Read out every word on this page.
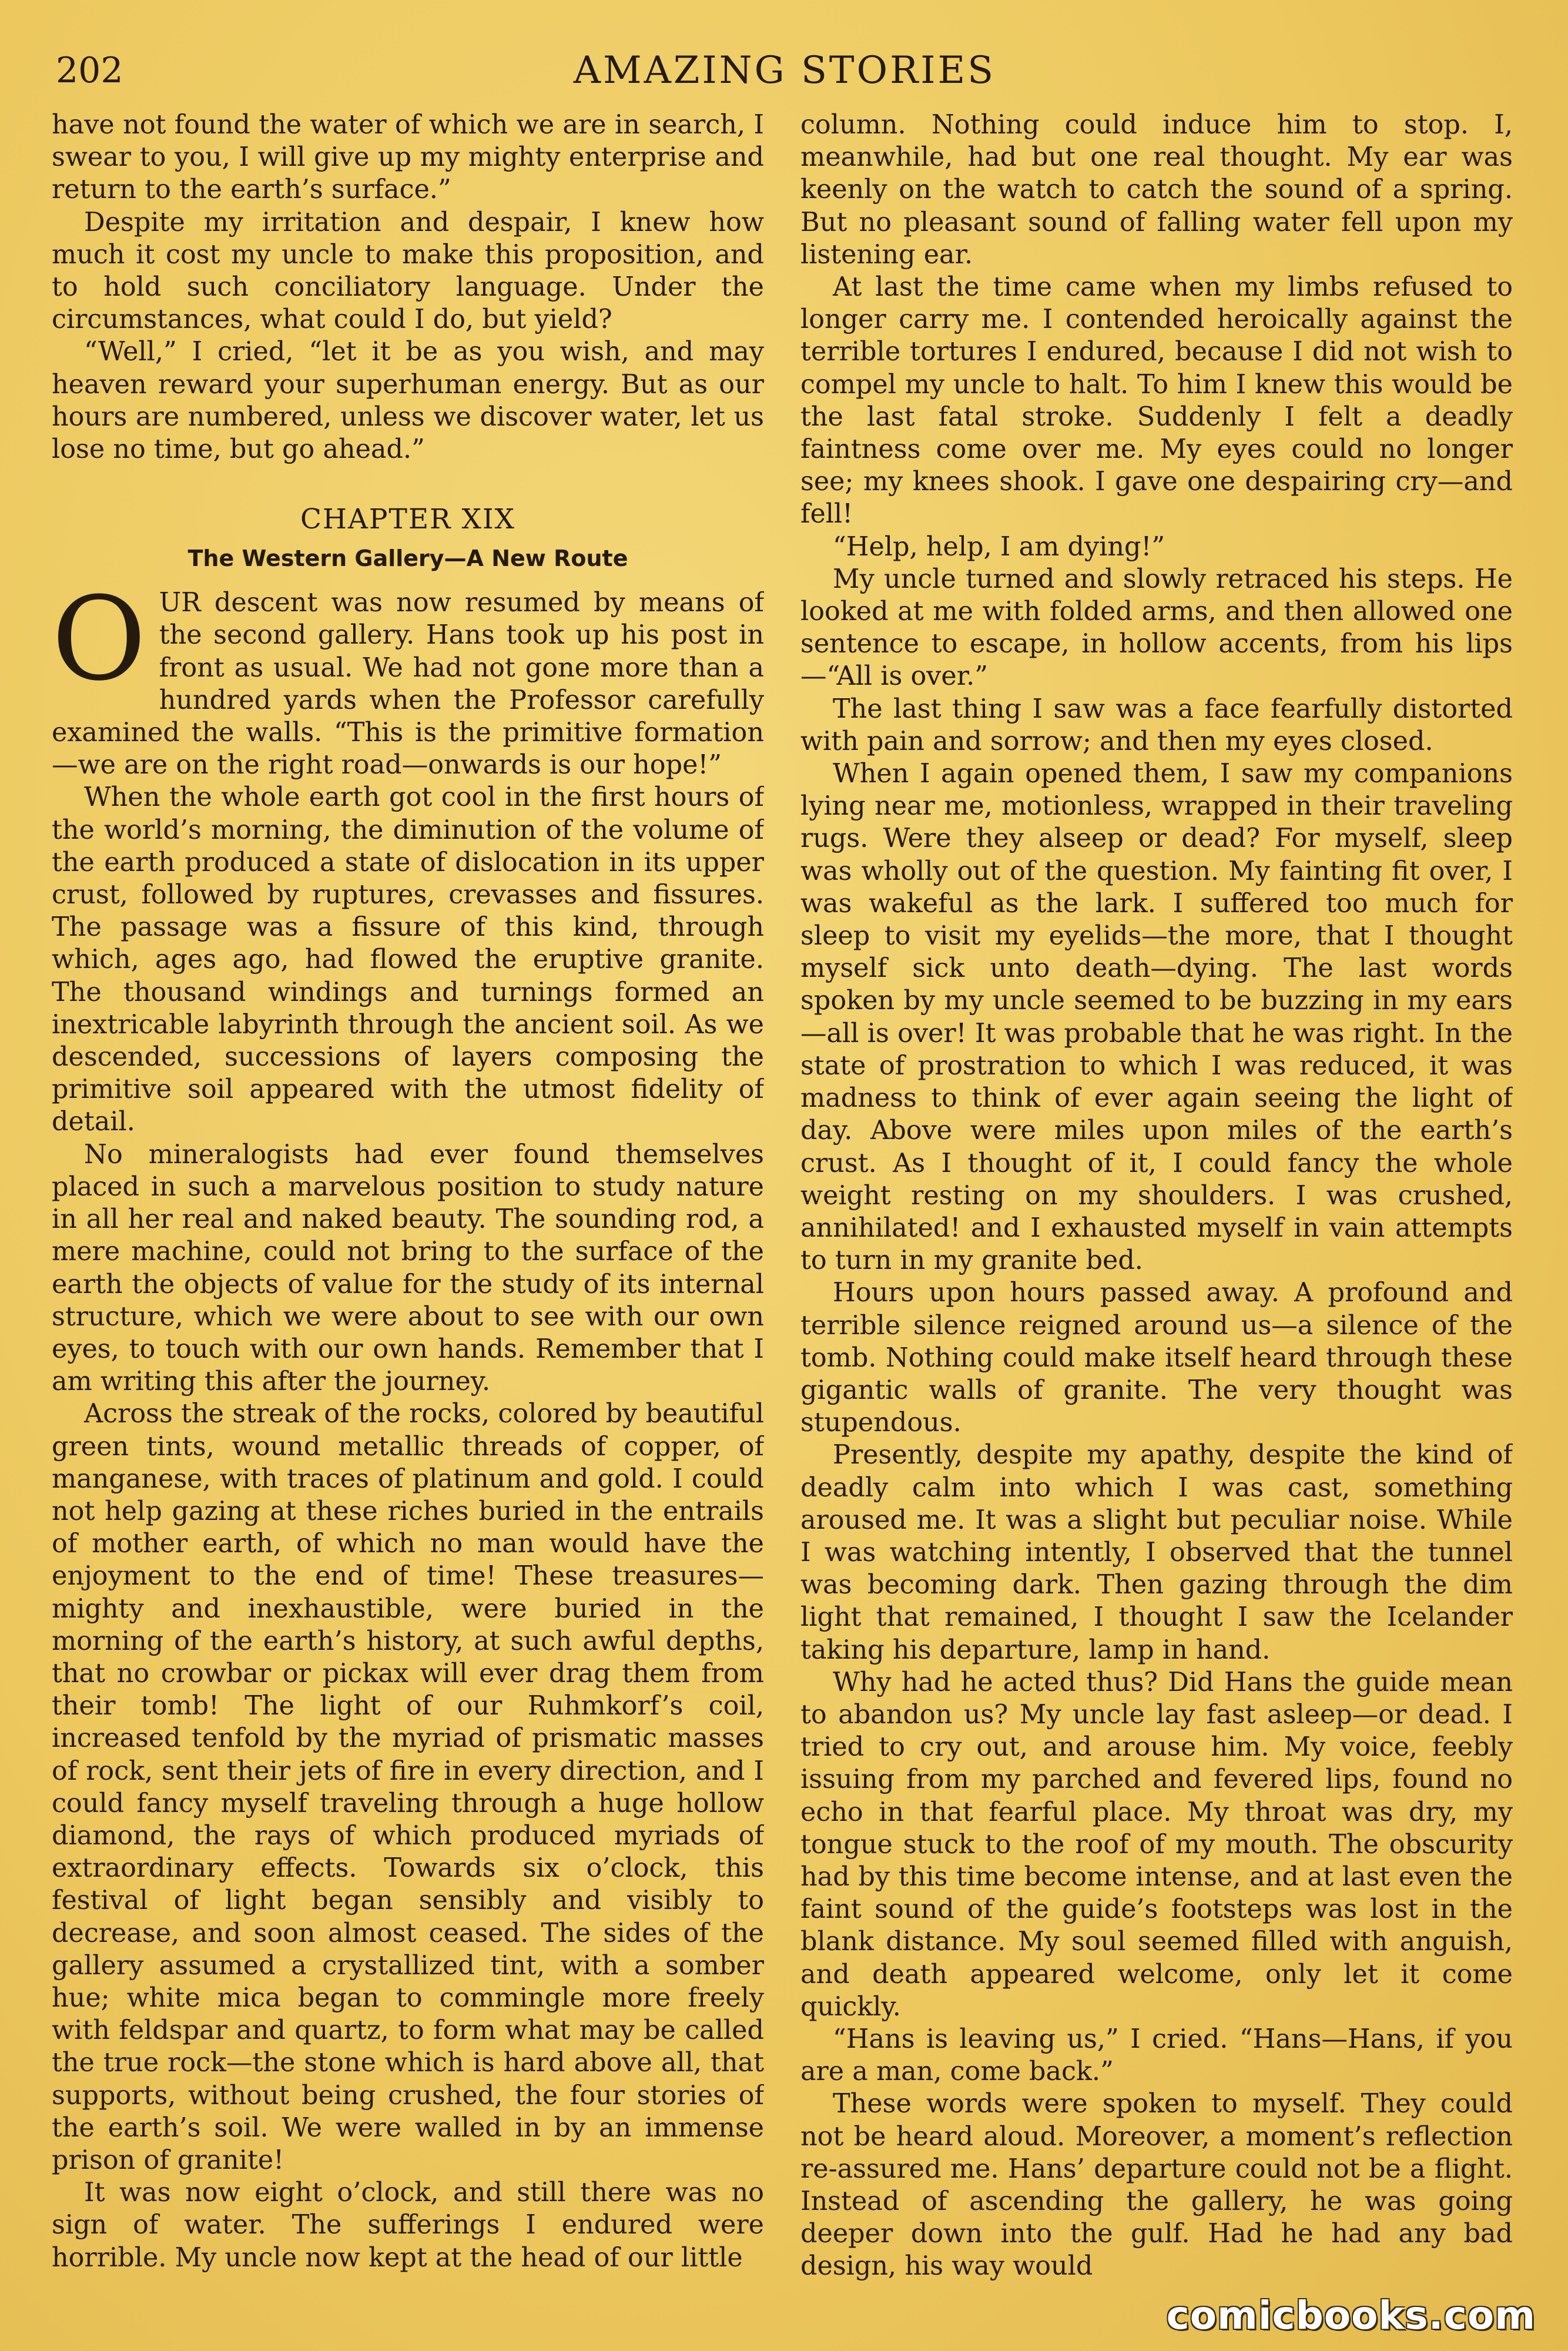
202	AMAZING STORIES

have not found the water of which we are in search, I swear to you, I will give up my mighty enterprise and return to the earth’s surface.”

Despite my irritation and despair, I knew how much it cost my uncle to make this proposition, and to hold such conciliatory language. Under the circumstances, what could I do, but yield?

“Well,” I cried, “let it be as you wish, and may heaven reward your superhuman energy. But as our hours are numbered, unless we discover water, let us lose no time, but go ahead.”

CHAPTER XIX
The Western Gallery—A New Route

OUR descent was now resumed by means of the second gallery. Hans took up his post in front as usual. We had not gone more than a hundred yards when the Professor carefully examined the walls. “This is the primitive formation—we are on the right road—onwards is our hope!”

When the whole earth got cool in the first hours of the world’s morning, the diminution of the volume of the earth produced a state of dislocation in its upper crust, followed by ruptures, crevasses and fissures. The passage was a fissure of this kind, through which, ages ago, had flowed the eruptive granite. The thousand windings and turnings formed an inextricable labyrinth through the ancient soil. As we descended, successions of layers composing the primitive soil appeared with the utmost fidelity of detail.

No mineralogists had ever found themselves placed in such a marvelous position to study nature in all her real and naked beauty. The sounding rod, a mere machine, could not bring to the surface of the earth the objects of value for the study of its internal structure, which we were about to see with our own eyes, to touch with our own hands. Remember that I am writing this after the journey.

Across the streak of the rocks, colored by beautiful green tints, wound metallic threads of copper, of manganese, with traces of platinum and gold. I could not help gazing at these riches buried in the entrails of mother earth, of which no man would have the enjoyment to the end of time! These treasures—mighty and inexhaustible, were buried in the morning of the earth’s history, at such awful depths, that no crowbar or pickax will ever drag them from their tomb! The light of our Ruhmkorf’s coil, increased tenfold by the myriad of prismatic masses of rock, sent their jets of fire in every direction, and I could fancy myself traveling through a huge hollow diamond, the rays of which produced myriads of extraordinary effects. Towards six o’clock, this festival of light began sensibly and visibly to decrease, and soon almost ceased. The sides of the gallery assumed a crystallized tint, with a somber hue; white mica began to commingle more freely with feldspar and quartz, to form what may be called the true rock—the stone which is hard above all, that supports, without being crushed, the four stories of the earth’s soil. We were walled in by an immense prison of granite!

It was now eight o’clock, and still there was no sign of water. The sufferings I endured were horrible. My uncle now kept at the head of our little

column. Nothing could induce him to stop. I, meanwhile, had but one real thought. My ear was keenly on the watch to catch the sound of a spring. But no pleasant sound of falling water fell upon my listening ear.

At last the time came when my limbs refused to longer carry me. I contended heroically against the terrible tortures I endured, because I did not wish to compel my uncle to halt. To him I knew this would be the last fatal stroke. Suddenly I felt a deadly faintness come over me. My eyes could no longer see; my knees shook. I gave one despairing cry—and fell!

“Help, help, I am dying!”

My uncle turned and slowly retraced his steps. He looked at me with folded arms, and then allowed one sentence to escape, in hollow accents, from his lips—“All is over.”

The last thing I saw was a face fearfully distorted with pain and sorrow; and then my eyes closed.

When I again opened them, I saw my companions lying near me, motionless, wrapped in their traveling rugs. Were they alseep or dead? For myself, sleep was wholly out of the question. My fainting fit over, I was wakeful as the lark. I suffered too much for sleep to visit my eyelids—the more, that I thought myself sick unto death—dying. The last words spoken by my uncle seemed to be buzzing in my ears—all is over! It was probable that he was right. In the state of prostration to which I was reduced, it was madness to think of ever again seeing the light of day. Above were miles upon miles of the earth’s crust. As I thought of it, I could fancy the whole weight resting on my shoulders. I was crushed, annihilated! and I exhausted myself in vain attempts to turn in my granite bed.

Hours upon hours passed away. A profound and terrible silence reigned around us—a silence of the tomb. Nothing could make itself heard through these gigantic walls of granite. The very thought was stupendous.

Presently, despite my apathy, despite the kind of deadly calm into which I was cast, something aroused me. It was a slight but peculiar noise. While I was watching intently, I observed that the tunnel was becoming dark. Then gazing through the dim light that remained, I thought I saw the Icelander taking his departure, lamp in hand.

Why had he acted thus? Did Hans the guide mean to abandon us? My uncle lay fast asleep—or dead. I tried to cry out, and arouse him. My voice, feebly issuing from my parched and fevered lips, found no echo in that fearful place. My throat was dry, my tongue stuck to the roof of my mouth. The obscurity had by this time become intense, and at last even the faint sound of the guide’s footsteps was lost in the blank distance. My soul seemed filled with anguish, and death appeared welcome, only let it come quickly.

“Hans is leaving us,” I cried. “Hans—Hans, if you are a man, come back.”

These words were spoken to myself. They could not be heard aloud. Moreover, a moment’s reflection re-assured me. Hans’ departure could not be a flight. Instead of ascending the gallery, he was going deeper down into the gulf. Had he had any bad design, his way would

comicbooks.com
